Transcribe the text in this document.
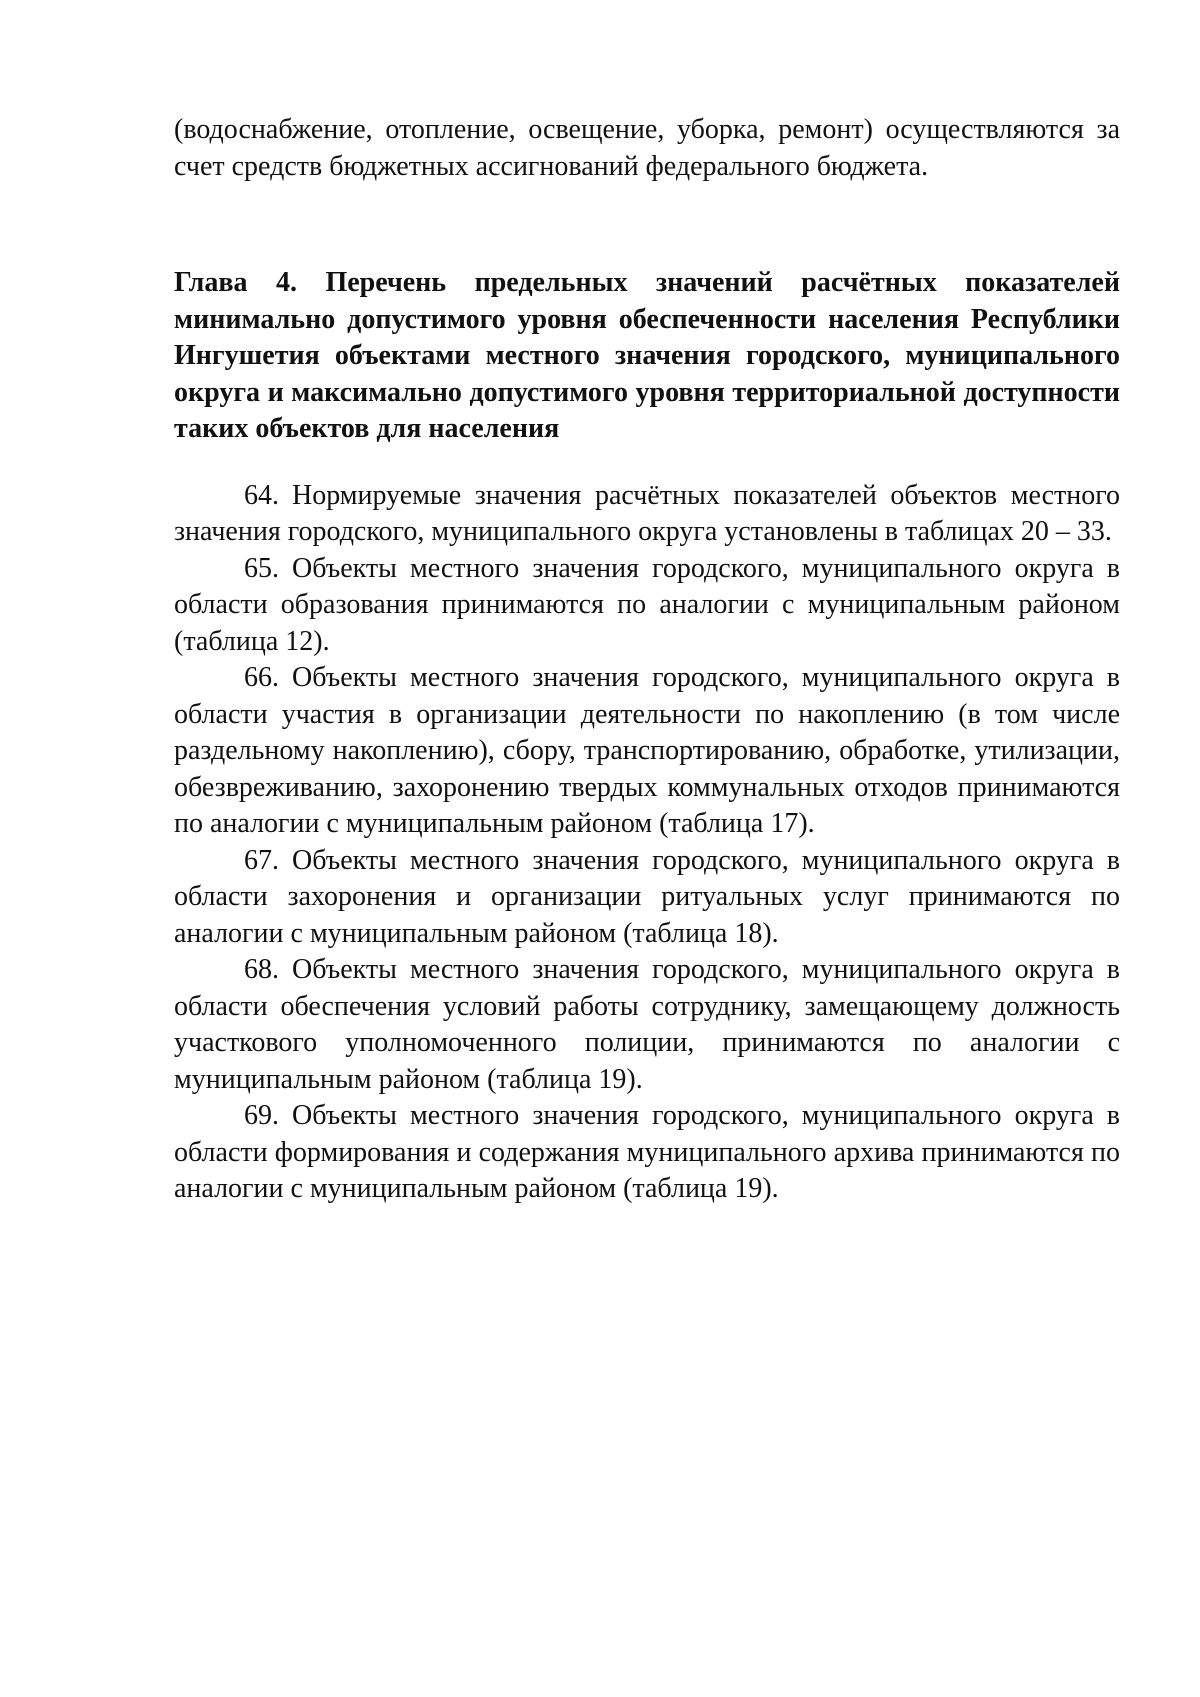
(водоснабжение, отопление, освещение, уборка, ремонт) осуществляются за счет средств бюджетных ассигнований федерального бюджета.

Глава 4. Перечень предельных значений расчётных показателей минимально допустимого уровня обеспеченности населения Республики Ингушетия объектами местного значения городского, муниципального округа и максимально допустимого уровня территориальной доступности таких объектов для населения

64. Нормируемые значения расчётных показателей объектов местного значения городского, муниципального округа установлены в таблицах 20 – 33.

65. Объекты местного значения городского, муниципального округа в области образования принимаются по аналогии с муниципальным районом (таблица 12).

66. Объекты местного значения городского, муниципального округа в области участия в организации деятельности по накоплению (в том числе раздельному накоплению), сбору, транспортированию, обработке, утилизации, обезвреживанию, захоронению твердых коммунальных отходов принимаются по аналогии с муниципальным районом (таблица 17).

67. Объекты местного значения городского, муниципального округа в области захоронения и организации ритуальных услуг принимаются по аналогии с муниципальным районом (таблица 18).

68. Объекты местного значения городского, муниципального округа в области обеспечения условий работы сотруднику, замещающему должность участкового уполномоченного полиции, принимаются по аналогии с муниципальным районом (таблица 19).

69. Объекты местного значения городского, муниципального округа в области формирования и содержания муниципального архива принимаются по аналогии с муниципальным районом (таблица 19).
